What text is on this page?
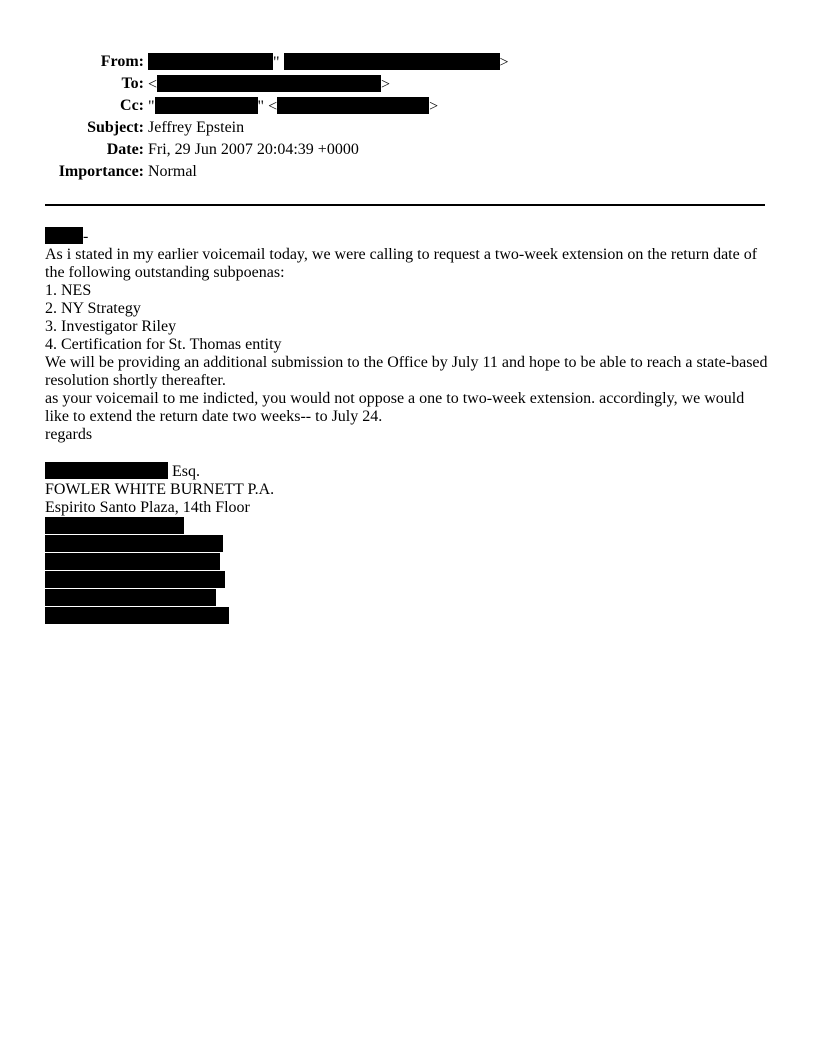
From:	"	>
To: <	>
Cc: "	" <	>
Subject: Jeffrey Epstein
Date: Fri, 29 Jun 2007 20:04:39 +0000
Importance: Normal
-
As i stated in my earlier voicemail today, we were calling to request a two-week extension on the return date of the following outstanding subpoenas:
1. NES
2. NY Strategy
3. Investigator Riley
4. Certification for St. Thomas entity
We will be providing an additional submission to the Office by July 11 and hope to be able to reach a state-based resolution shortly thereafter.
as your voicemail to me indicted, you would not oppose a one to two-week extension. accordingly, we would like to extend the return date two weeks-- to July 24.
regards
Esq.
FOWLER WHITE BURNETT P.A.
Espirito Santo Plaza, 14th Floor
